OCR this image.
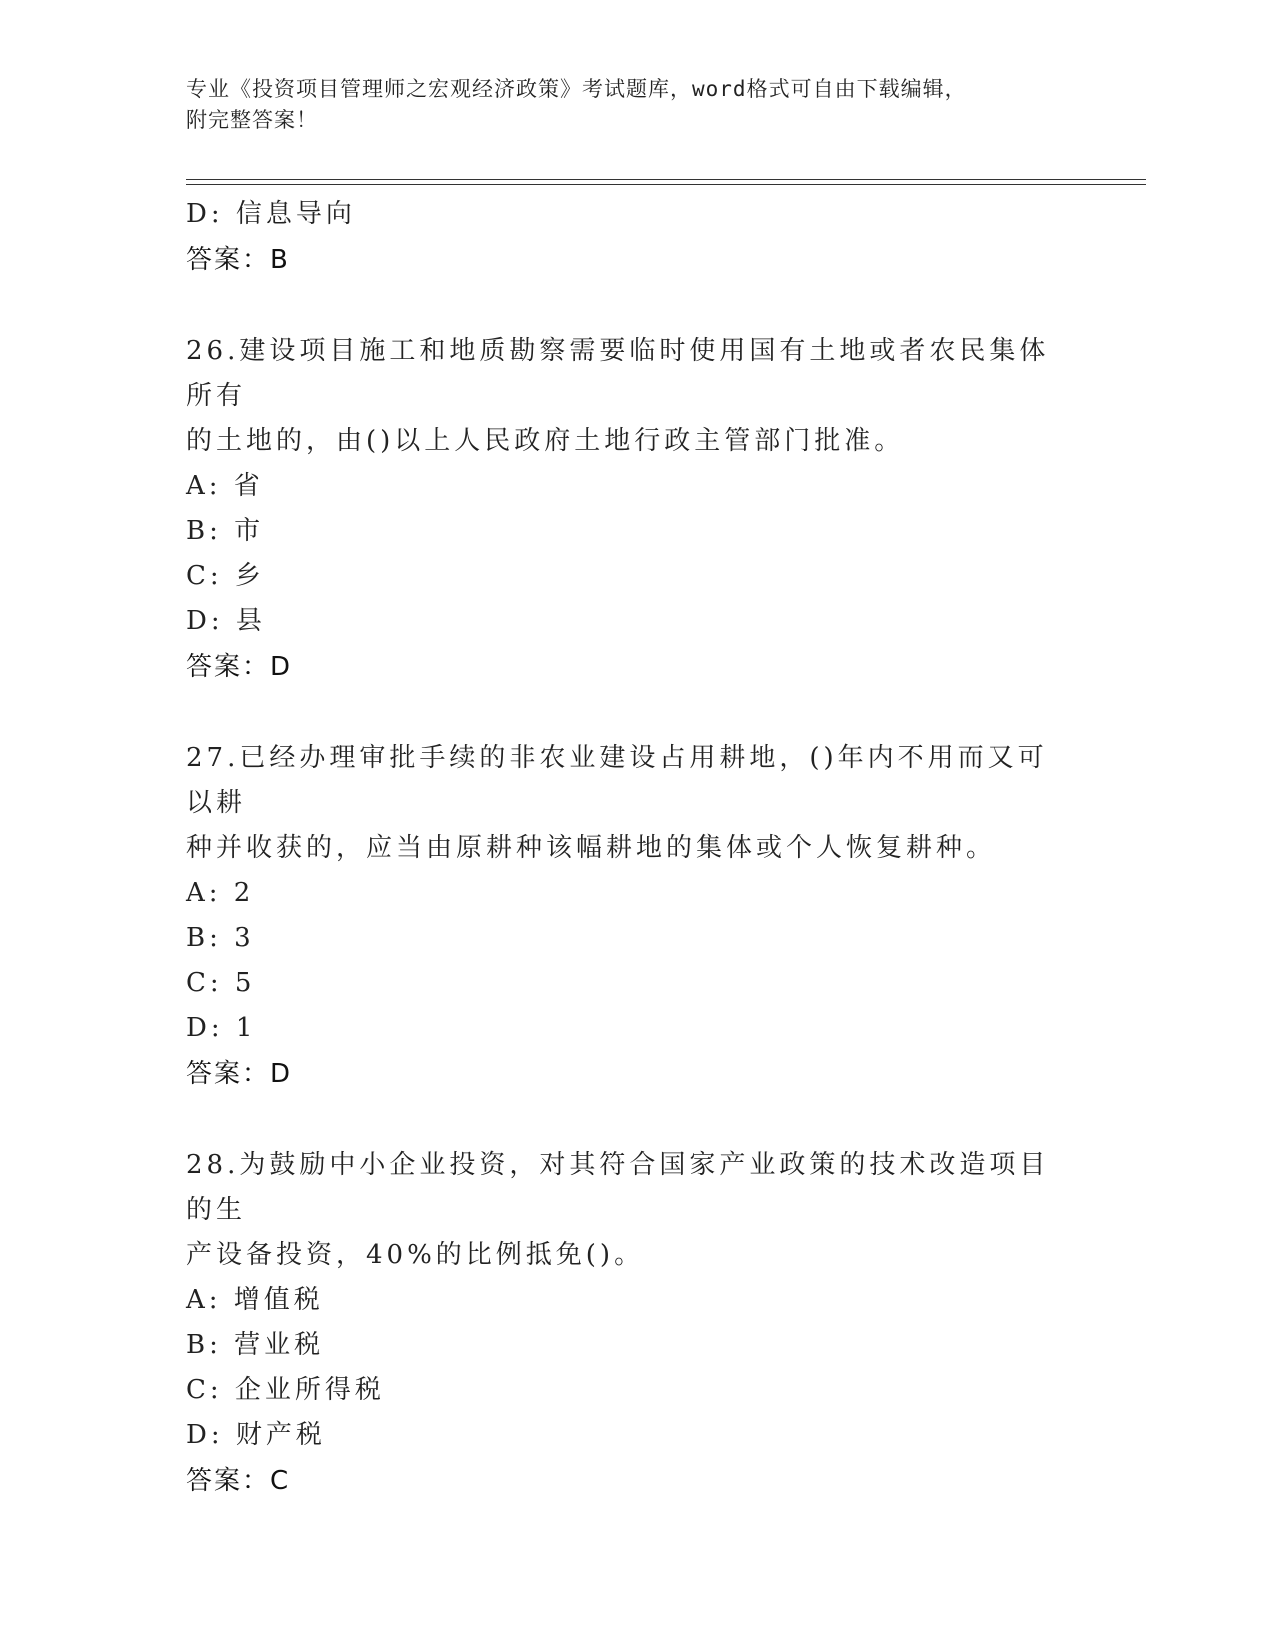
专业《投资项目管理师之宏观经济政策》考试题库，word格式可自由下载编辑，
附完整答案！
D: 信息导向
答案：B
26.建设项目施工和地质勘察需要临时使用国有土地或者农民集体所有
的土地的，由()以上人民政府土地行政主管部门批准。
A: 省
B: 市
C: 乡
D: 县
答案：D
27.已经办理审批手续的非农业建设占用耕地，()年内不用而又可以耕
种并收获的，应当由原耕种该幅耕地的集体或个人恢复耕种。
A: 2
B: 3
C: 5
D: 1
答案：D
28.为鼓励中小企业投资，对其符合国家产业政策的技术改造项目的生
产设备投资，40%的比例抵免()。
A: 增值税
B: 营业税
C: 企业所得税
D: 财产税
答案：C
